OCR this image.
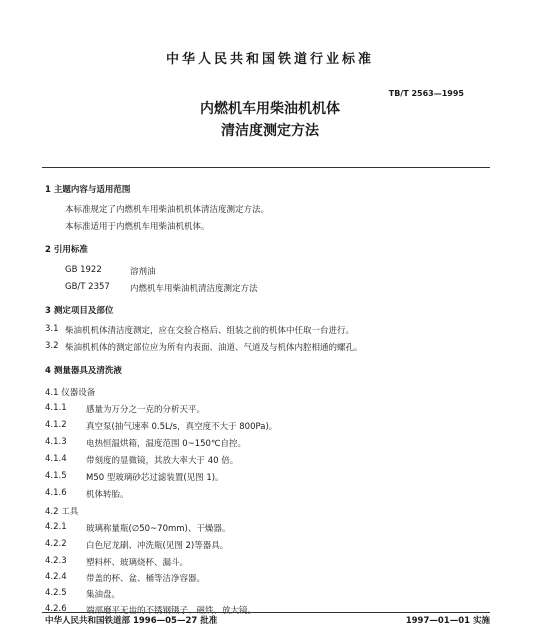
中华人民共和国铁道行业标准
TB/T 2563—1995
内燃机车用柴油机机体
清洁度测定方法
1 主题内容与适用范围
本标准规定了内燃机车用柴油机机体清洁度测定方法。
本标准适用于内燃机车用柴油机机体。
2 引用标准
GB 1922	溶剂油
GB/T 2357 内燃机车用柴油机清洁度测定方法
3 测定项目及部位
3.1 柴油机机体清洁度测定，应在交验合格后、组装之前的机体中任取一台进行。
3.2 柴油机机体的测定部位应为所有内表面、油道、气道及与机体内腔相通的螺孔。
4 测量器具及清洗液
4.1 仪器设备
4.1.1 感量为万分之一克的分析天平。
4.1.2 真空泵(抽气速率 0.5L/s，真空度不大于 800Pa)。
4.1.3 电热恒温烘箱，温度范围 0~150℃自控。
4.1.4 带刻度的显微镜，其放大率大于 40 倍。
4.1.5 M50 型玻璃砂芯过滤装置(见图 1)。
4.1.6 机体转胎。
4.2 工具
4.2.1 玻璃称量瓶(∅50~70mm)、干燥器。
4.2.2 白色尼龙刷、冲洗瓶(见图 2)等器具。
4.2.3 塑料杯、玻璃烧杯、漏斗。
4.2.4 带盖的杯、盆、桶等洁净容器。
4.2.5 集油盘。
4.2.6 端部磨平无齿的不锈钢镊子、磁铁、放大镜。
中华人民共和国铁道部 1996—05—27 批准	1997—01—01 实施
